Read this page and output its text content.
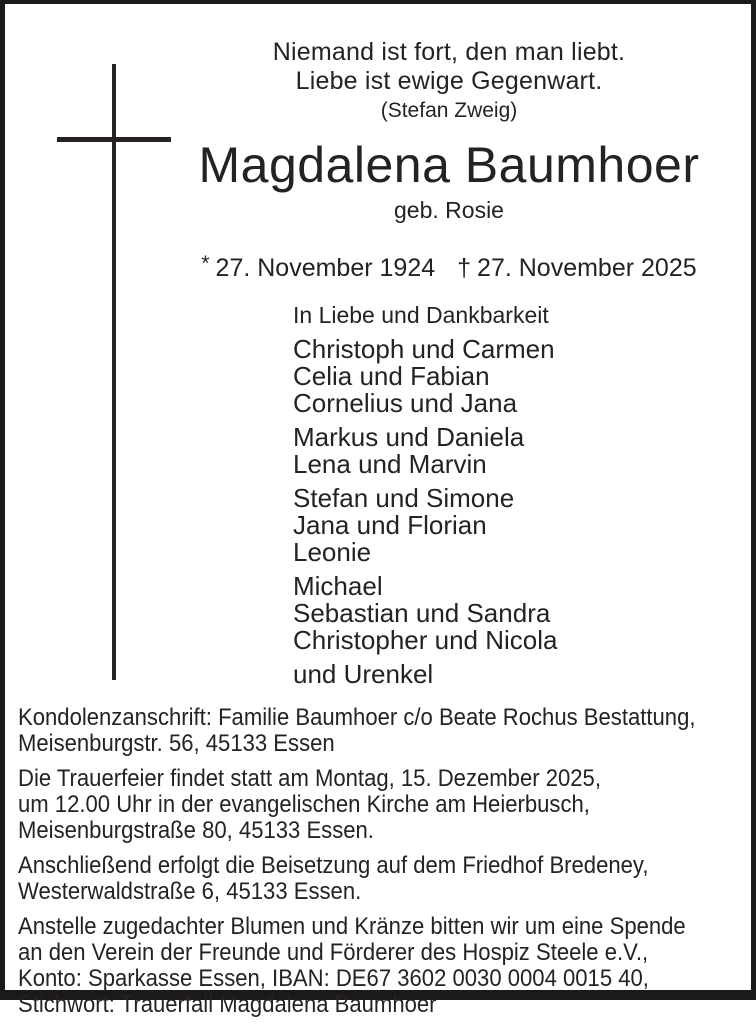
Niemand ist fort, den man liebt.
Liebe ist ewige Gegenwart.
(Stefan Zweig)
Magdalena Baumhoer
geb. Rosie
* 27. November 1924 † 27. November 2025
In Liebe und Dankbarkeit
Christoph und Carmen
Celia und Fabian
Cornelius und Jana
Markus und Daniela
Lena und Marvin
Stefan und Simone
Jana und Florian
Leonie
Michael
Sebastian und Sandra
Christopher und Nicola
und Urenkel
Kondolenzanschrift: Familie Baumhoer c/o Beate Rochus Bestattung,
Meisenburgstr. 56, 45133 Essen
Die Trauerfeier findet statt am Montag, 15. Dezember 2025,
um 12.00 Uhr in der evangelischen Kirche am Heierbusch,
Meisenburgstraße 80, 45133 Essen.
Anschließend erfolgt die Beisetzung auf dem Friedhof Bredeney,
Westerwaldstraße 6, 45133 Essen.
Anstelle zugedachter Blumen und Kränze bitten wir um eine Spende
an den Verein der Freunde und Förderer des Hospiz Steele e.V.,
Konto: Sparkasse Essen, IBAN: DE67 3602 0030 0004 0015 40,
Stichwort: Trauerfall Magdalena Baumhoer
